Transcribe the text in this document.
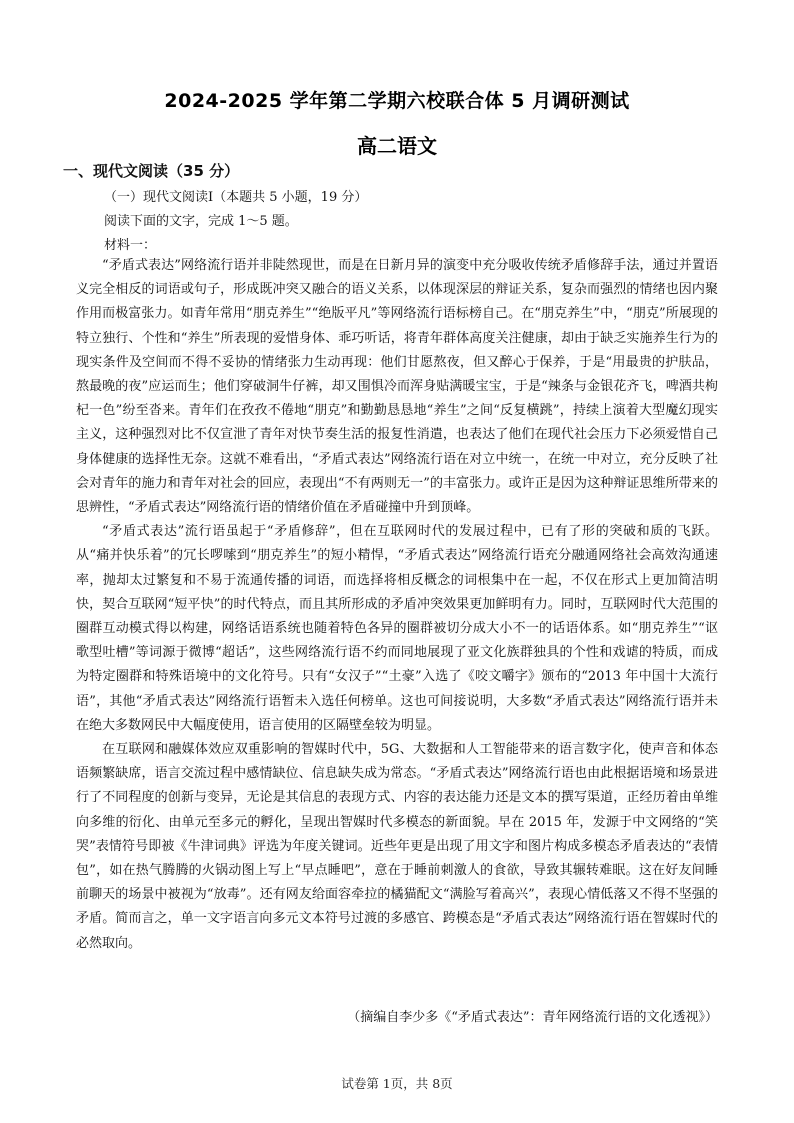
2024-2025 学年第二学期六校联合体 5 月调研测试
高二语文
一、现代文阅读（35 分）
（一）现代文阅读Ⅰ（本题共 5 小题，19 分）
阅读下面的文字，完成 1～5 题。
材料一：

“矛盾式表达”网络流行语并非陡然现世，而是在日新月异的演变中充分吸收传统矛盾修辞手法，通过并置语义完全相反的词语或句子，形成既冲突又融合的语义关系，以体现深层的辩证关系，复杂而强烈的情绪也因内聚作用而极富张力。如青年常用“朋克养生”“绝版平凡”等网络流行语标榜自己。在“朋克养生”中，“朋克”所展现的特立独行、个性和“养生”所表现的爱惜身体、乖巧听话，将青年群体高度关注健康，却由于缺乏实施养生行为的现实条件及空间而不得不妥协的情绪张力生动再现：他们甘愿熬夜，但又醉心于保养，于是“用最贵的护肤品，熬最晚的夜”应运而生；他们穿破洞牛仔裤，却又围惧冷而浑身贴满暖宝宝，于是“辣条与金银花齐飞，啤酒共枸杞一色”纷至沓来。青年们在孜孜不倦地“朋克”和勤勤恳恳地“养生”之间“反复横跳”，持续上演着大型魔幻现实主义，这种强烈对比不仅宣泄了青年对快节奏生活的报复性消遣，也表达了他们在现代社会压力下必须爱惜自己身体健康的选择性无奈。这就不难看出，“矛盾式表达”网络流行语在对立中统一，在统一中对立，充分反映了社会对青年的施力和青年对社会的回应，表现出“不有两则无一”的丰富张力。或许正是因为这种辩证思维所带来的思辨性，“矛盾式表达”网络流行语的情绪价值在矛盾碰撞中升到顶峰。

“矛盾式表达”流行语虽起于“矛盾修辞”，但在互联网时代的发展过程中，已有了形的突破和质的飞跃。从“痛并快乐着”的冗长啰嗦到“朋克养生”的短小精悍，“矛盾式表达”网络流行语充分融通网络社会高效沟通速率，抛却太过繁复和不易于流通传播的词语，而选择将相反概念的词根集中在一起，不仅在形式上更加简洁明快，契合互联网“短平快”的时代特点，而且其所形成的矛盾冲突效果更加鲜明有力。同时，互联网时代大范围的圈群互动模式得以构建，网络话语系统也随着特色各异的圈群被切分成大小不一的话语体系。如“朋克养生”“讴歌型吐槽”等词源于微博“超话”，这些网络流行语不约而同地展现了亚文化族群独具的个性和戏谑的特质，而成为特定圈群和特殊语境中的文化符号。只有“女汉子”“土豪”入选了《咬文嚼字》颁布的“2013 年中国十大流行语”，其他“矛盾式表达”网络流行语暂未入选任何榜单。这也可间接说明，大多数“矛盾式表达”网络流行语并未在绝大多数网民中大幅度使用，语言使用的区隔壁垒较为明显。

在互联网和融媒体效应双重影响的智媒时代中，5G、大数据和人工智能带来的语言数字化，使声音和体态语频繁缺席，语言交流过程中感情缺位、信息缺失成为常态。“矛盾式表达”网络流行语也由此根据语境和场景进行了不同程度的创新与变异，无论是其信息的表现方式、内容的表达能力还是文本的撰写渠道，正经历着由单维向多维的衍化、由单元至多元的孵化，呈现出智媒时代多模态的新面貌。早在 2015 年，发源于中文网络的“笑哭”表情符号即被《牛津词典》评选为年度关键词。近些年更是出现了用文字和图片构成多模态矛盾表达的“表情包”，如在热气腾腾的火锅动图上写上“早点睡吧”，意在于睡前刺激人的食欲，导致其辗转难眠。这在好友间睡前聊天的场景中被视为“放毒”。还有网友给面容牵拉的橘猫配文“满脸写着高兴”，表现心情低落又不得不坚强的矛盾。简而言之，单一文字语言向多元文本符号过渡的多感官、跨模态是“矛盾式表达”网络流行语在智媒时代的必然取向。

（摘编自李少多《“矛盾式表达”：青年网络流行语的文化透视》）
试卷第 1页，共 8页
